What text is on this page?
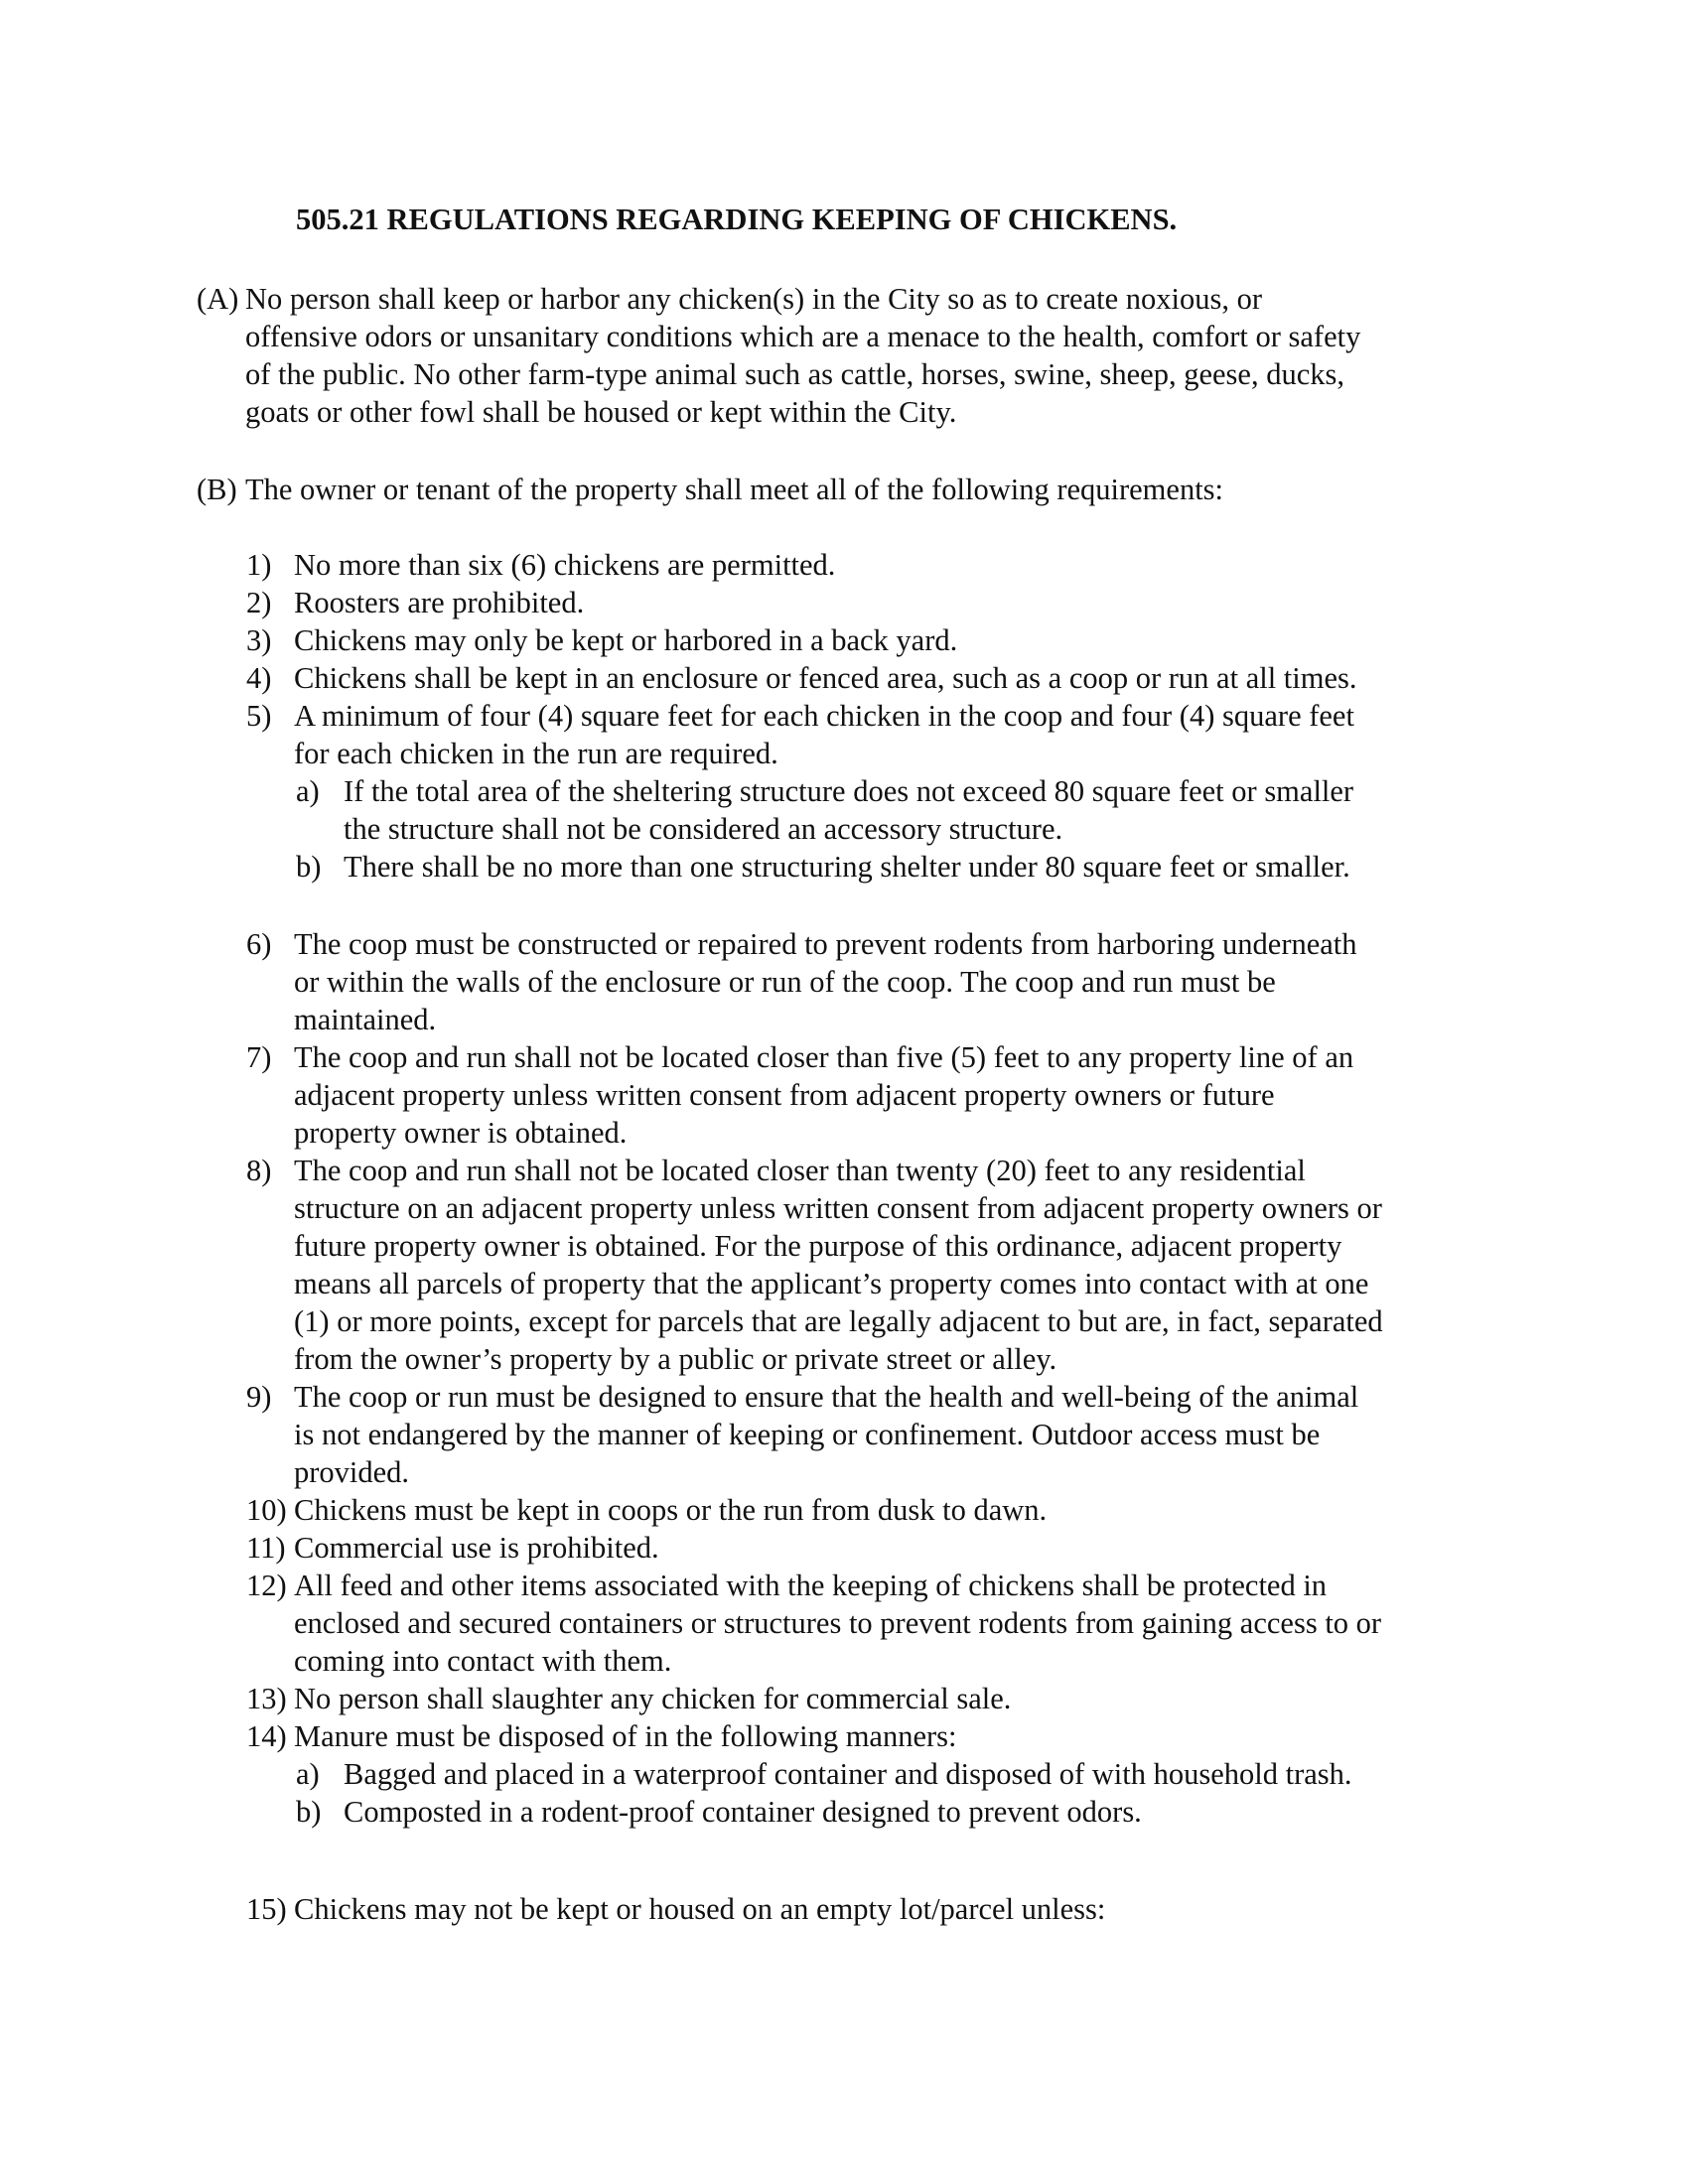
505.21 REGULATIONS REGARDING KEEPING OF CHICKENS.
(A) No person shall keep or harbor any chicken(s) in the City so as to create noxious, or
offensive odors or unsanitary conditions which are a menace to the health, comfort or safety
of the public. No other farm-type animal such as cattle, horses, swine, sheep, geese, ducks,
goats or other fowl shall be housed or kept within the City.
(B) The owner or tenant of the property shall meet all of the following requirements:
1) No more than six (6) chickens are permitted.
2) Roosters are prohibited.
3) Chickens may only be kept or harbored in a back yard.
4) Chickens shall be kept in an enclosure or fenced area, such as a coop or run at all times.
5) A minimum of four (4) square feet for each chicken in the coop and four (4) square feet
for each chicken in the run are required.
a) If the total area of the sheltering structure does not exceed 80 square feet or smaller
the structure shall not be considered an accessory structure.
b) There shall be no more than one structuring shelter under 80 square feet or smaller.
6) The coop must be constructed or repaired to prevent rodents from harboring underneath
or within the walls of the enclosure or run of the coop. The coop and run must be
maintained.
7) The coop and run shall not be located closer than five (5) feet to any property line of an
adjacent property unless written consent from adjacent property owners or future
property owner is obtained.
8) The coop and run shall not be located closer than twenty (20) feet to any residential
structure on an adjacent property unless written consent from adjacent property owners or
future property owner is obtained. For the purpose of this ordinance, adjacent property
means all parcels of property that the applicant’s property comes into contact with at one
(1) or more points, except for parcels that are legally adjacent to but are, in fact, separated
from the owner’s property by a public or private street or alley.
9) The coop or run must be designed to ensure that the health and well-being of the animal
is not endangered by the manner of keeping or confinement. Outdoor access must be
provided.
10) Chickens must be kept in coops or the run from dusk to dawn.
11) Commercial use is prohibited.
12) All feed and other items associated with the keeping of chickens shall be protected in
enclosed and secured containers or structures to prevent rodents from gaining access to or
coming into contact with them.
13) No person shall slaughter any chicken for commercial sale.
14) Manure must be disposed of in the following manners:
a) Bagged and placed in a waterproof container and disposed of with household trash.
b) Composted in a rodent-proof container designed to prevent odors.
15) Chickens may not be kept or housed on an empty lot/parcel unless:
